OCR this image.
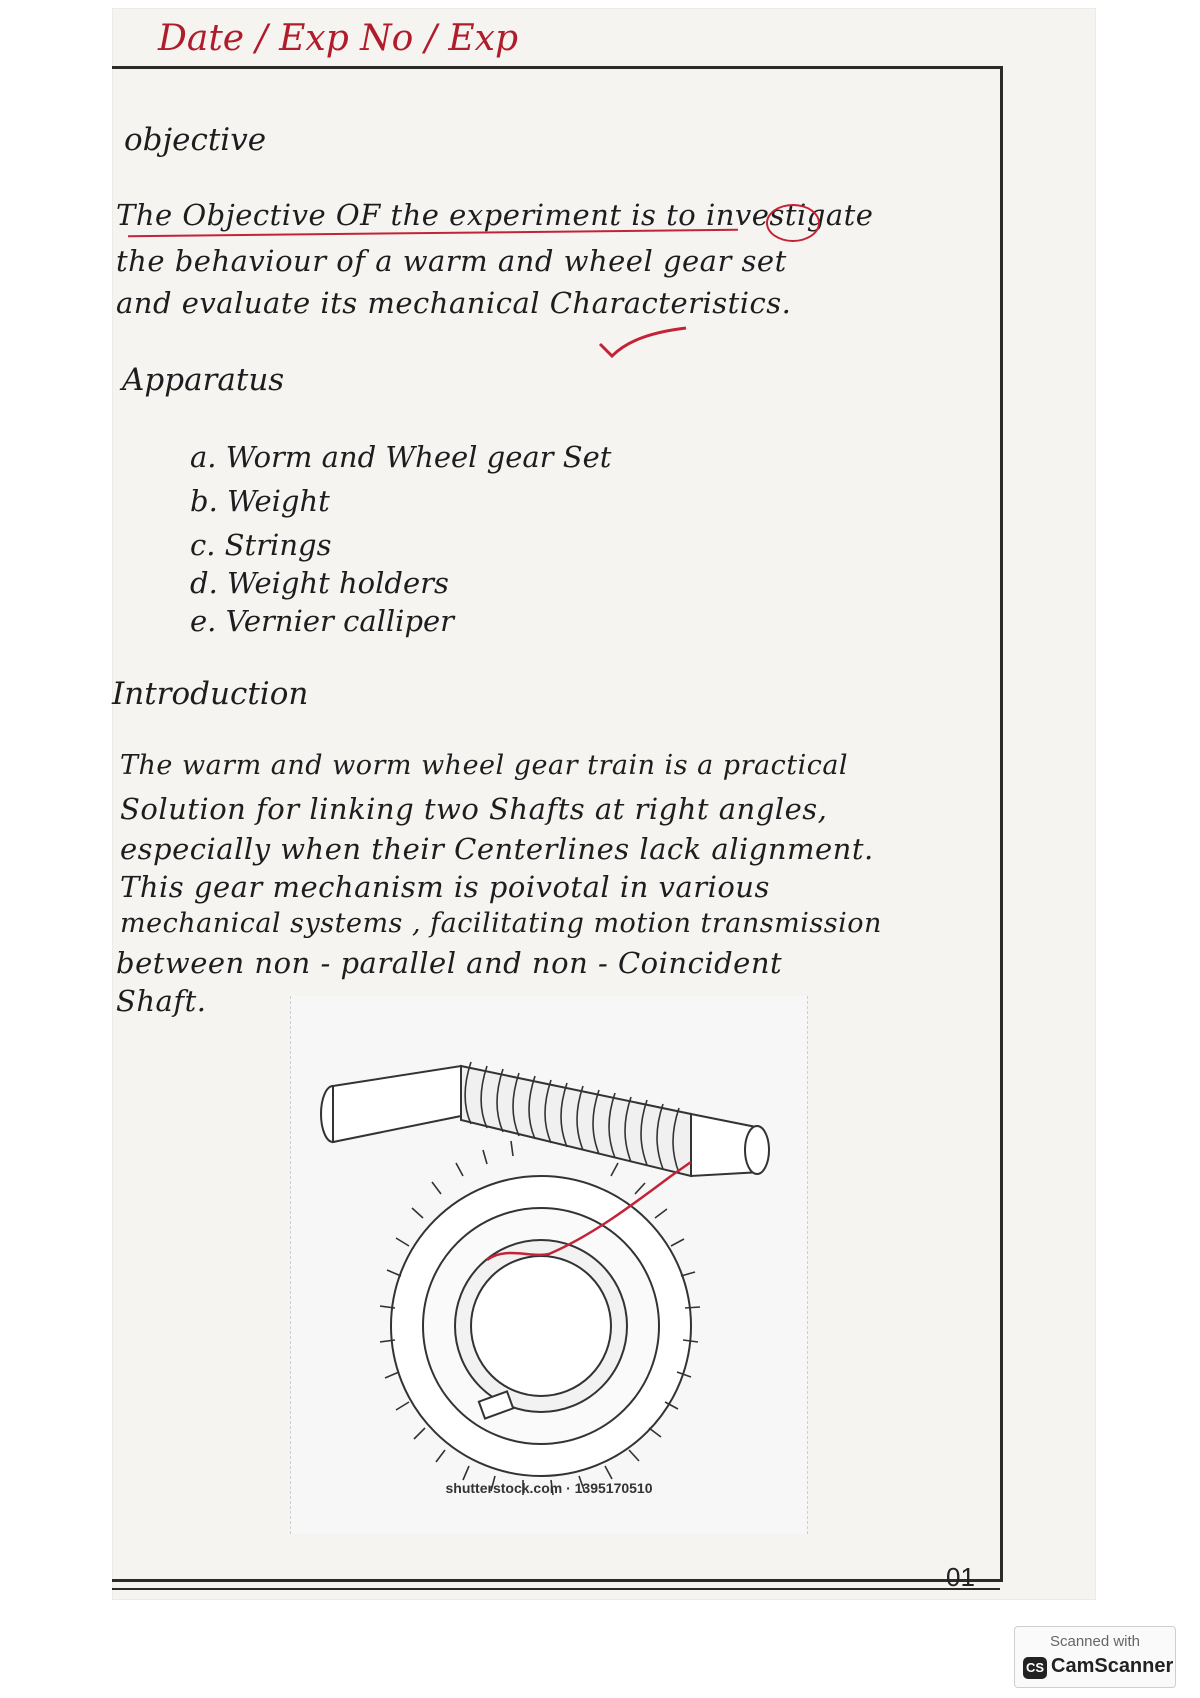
Date / Exp No / Exp
objective
The Objective OF the experiment is to investigate
the behaviour of a warm and wheel gear set
and evaluate its mechanical Characteristics.
Apparatus
a. Worm and Wheel gear Set
b. Weight
c. Strings
d. Weight holders
e. Vernier calliper
Introduction
The warm and worm wheel gear train is a practical
Solution for linking two Shafts at right angles,
especially when their Centerlines lack alignment.
This gear mechanism is poivotal in various
mechanical systems , facilitating motion transmission
between non - parallel and non - Coincident
Shaft.
shutterstock.com · 1395170510
01
Scanned with
CS CamScanner
